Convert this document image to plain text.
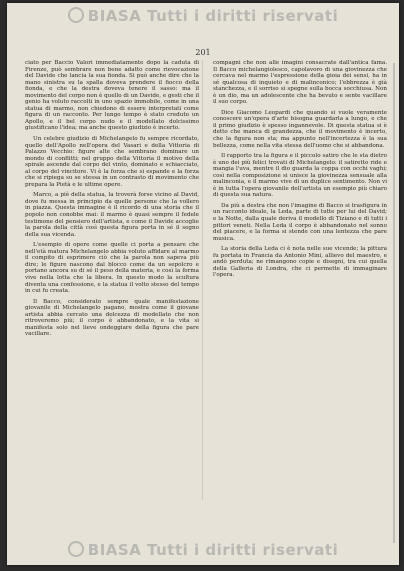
BIASA Tutti i diritti riservati
201

ciato per Baccio Valori immediatamente dopo la caduta di Firenze, può sembrare non bene adatto come rievocazione del Davide che lancia la sua fionda. Si può anche dire che la mano sinistra su la spalla doveva prendere il fiocco della fionda, e che la destra doveva tenere il sasso: ma il movimento del corpo non è quello di un Davide, e gesti che il genio ha voluto raccolti in uno spazio immobile, come in una statua di marmo, non chiedono di essere interpretati come figura di un racconto. Per lungo tempo è stato creduto un Apollo, e il bel corpo nudo e il modellato dolcissimo giustificano l'idea; ma anche questo giudizio è incerto.

Un celebre giudizio di Michelangelo fu sempre ricordato, quello dell'Apollo nell'opera del Vasari e della Vittoria di Palazzo Vecchio: figure alte che sembrano dominare un mondo di conflitti; nel gruppo della Vittoria il motivo della spirale ascende dal corpo del vinto, dominato e schiacciato, al corpo del vincitore. Vi è la forza che si espande e la forza che si ripiega su se stessa in un contrasto di movimento che prepara la Pietà e le ultime opere.

Marco, a piè della statua, la troverà forse vicino al David, dove fu messa in principio da quelle persone che la vollero in piazza. Questa immagine è il ricordo di una storia che il popolo non conobbe mai: il marmo è quasi sempre il fedele testimone del pensiero dell'artista, e come il Davide accoglie la parola della città così questa figura porta in sé il segno della sua vicenda.

L'esempio di opere come quelle ci porta a pensare che nell'età matura Michelangelo abbia voluto affidare al marmo il compito di esprimere ciò che la parola non sapeva più dire; le figure nascono dal blocco come da un sepolcro e portano ancora su di sé il peso della materia, e così la forma vive nella lotta che la libera. In questo modo la scultura diventa una confessione, e la statua il volto stesso del tempo in cui fu creata.

Il Bacco, considerato sempre quale manifestazione giovanile di Michelangelo pagano, mostra come il giovane artista abbia cercato una dolcezza di modellato che non ritroveremo più; il corpo è abbandonato, e la vita si manifesta solo nel lieve ondeggiare della figura che pare vacillare.

compagni che non alle imagini consacrate dall'antica fama. Il Bacco michelangiolesco, capolavoro di una giovinezza che cercava nel marmo l'espressione della gioia dei sensi, ha in sé qualcosa di inquieto e di malinconico; l'ebbrezza è già stanchezza, e il sorriso si spegne sulla bocca socchiusa. Non è un dio, ma un adolescente che ha bevuto e sente vacillare il suo corpo.

Dice Giacomo Leopardi che quando si vuole veramente conoscere un'opera d'arte bisogna guardarla a lungo, e che il primo giudizio è spesso ingannevole. Di questa statua si è detto che manca di grandezza, che il movimento è incerto, che la figura non sta; ma appunto nell'incertezza è la sua bellezza, come nella vita stessa dell'uomo che si abbandona.

Il rapporto tra la figura e il piccolo satiro che le sta dietro è uno dei più felici trovati di Michelangelo: il satiretto ride e mangia l'uva, mentre il dio guarda la coppa con occhi vaghi; così nella composizione si unisce la giovinezza sensuale alla malinconia, e il marmo vive di un duplice sentimento. Non vi è in tutta l'opera giovanile dell'artista un esempio più chiaro di questa sua natura.

Da più a destra che non l'imagine di Bacco si trasfigura in un racconto ideale, la Leda, parte di tutte per lui del David; e la Notte, dalla quale deriva il modello di Tiziano e di tutti i pittori veneti. Nella Leda il corpo è abbandonato nel sonno del piacere, e la forma si stende con una lentezza che pare musica.

La storia della Leda ci è nota nelle sue vicende; la pittura fu portata in Francia da Antonio Mini, allievo del maestro, e andò perduta; ne rimangono copie e disegni, tra cui quella della Galleria di Londra, che ci permette di immaginare l'opera.

BIASA Tutti i diritti riservati
